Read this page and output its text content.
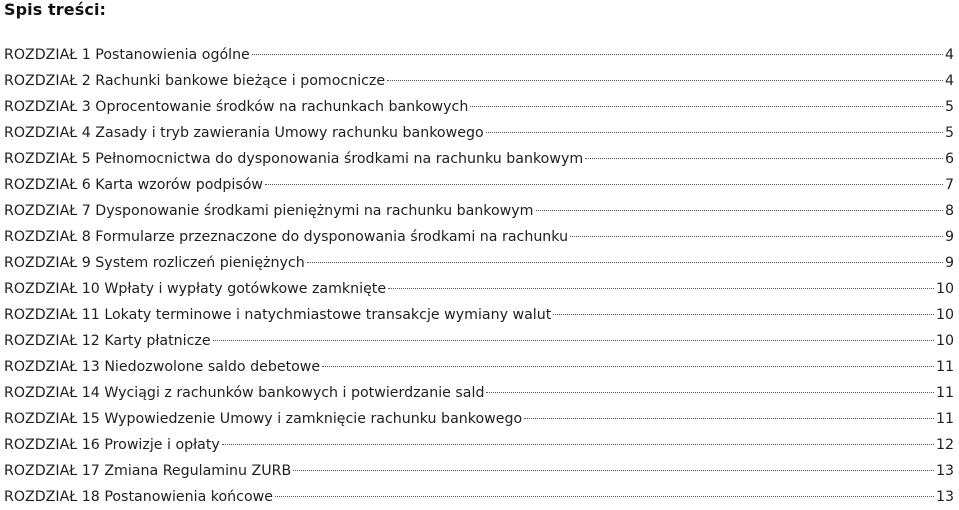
Spis treści:
ROZDZIAŁ 1 Postanowienia ogólne	4
ROZDZIAŁ 2 Rachunki bankowe bieżące i pomocnicze	4
ROZDZIAŁ 3 Oprocentowanie środków na rachunkach bankowych	5
ROZDZIAŁ 4 Zasady i tryb zawierania Umowy rachunku bankowego	5
ROZDZIAŁ 5 Pełnomocnictwa do dysponowania środkami na rachunku bankowym	6
ROZDZIAŁ 6 Karta wzorów podpisów	7
ROZDZIAŁ 7 Dysponowanie środkami pieniężnymi na rachunku bankowym	8
ROZDZIAŁ 8 Formularze przeznaczone do dysponowania środkami na rachunku	9
ROZDZIAŁ 9 System rozliczeń pieniężnych	9
ROZDZIAŁ 10 Wpłaty i wypłaty gotówkowe zamknięte	10
ROZDZIAŁ 11 Lokaty terminowe i natychmiastowe transakcje wymiany walut	10
ROZDZIAŁ 12 Karty płatnicze	10
ROZDZIAŁ 13 Niedozwolone saldo debetowe	11
ROZDZIAŁ 14 Wyciągi z rachunków bankowych i potwierdzanie sald	11
ROZDZIAŁ 15 Wypowiedzenie Umowy i zamknięcie rachunku bankowego	11
ROZDZIAŁ 16 Prowizje i opłaty	12
ROZDZIAŁ 17 Zmiana Regulaminu ZURB	13
ROZDZIAŁ 18 Postanowienia końcowe	13
